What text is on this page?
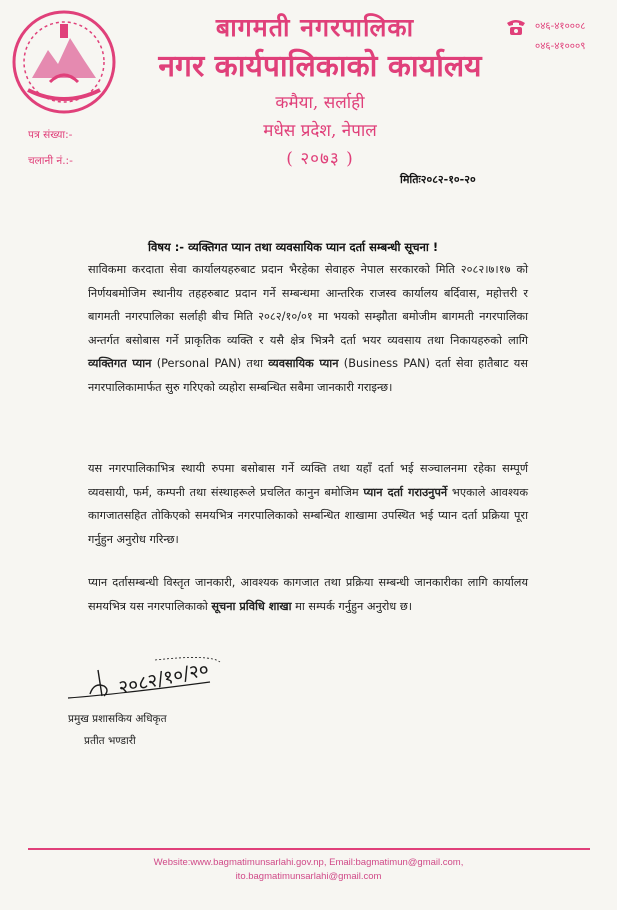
बागमती नगरपालिका
नगर कार्यपालिकाको कार्यालय
कमैया, सर्लाही
मधेस प्रदेश, नेपाल
( २०७३ )
०४६-४१०००८
०४६-४१०००९
पत्र संख्या:-
चलानी नं.:-
मितिः२०८२-१०-२०
विषय :- व्यक्तिगत प्यान तथा व्यवसायिक प्यान दर्ता सम्बन्धी सूचना !
साविकमा करदाता सेवा कार्यालयहरुबाट प्रदान भैरहेका सेवाहरु नेपाल सरकारको मिति २०८२।७।१७ को निर्णयबमोजिम स्थानीय तहहरुबाट प्रदान गर्ने सम्बन्धमा आन्तरिक राजस्व कार्यालय बर्दिवास, महोत्तरी र बागमती नगरपालिका सर्लाही बीच मिति २०८२/१०/०१ मा भयको सम्झौता बमोजीम बागमती नगरपालिका अन्तर्गत बसोबास गर्ने प्राकृतिक व्यक्ति र यसै क्षेत्र भित्रनै दर्ता भयर व्यवसाय तथा निकायहरुको लागि व्यक्तिगत प्यान (Personal PAN) तथा व्यवसायिक प्यान (Business PAN) दर्ता सेवा हातैबाट यस नगरपालिकामार्फत सुरु गरिएको व्यहोरा सम्बन्धित सबैमा जानकारी गराइन्छ।
यस नगरपालिकाभित्र स्थायी रुपमा बसोबास गर्ने व्यक्ति तथा यहाँ दर्ता भई सञ्चालनमा रहेका सम्पूर्ण व्यवसायी, फर्म, कम्पनी तथा संस्थाहरूले प्रचलित कानुन बमोजिम प्यान दर्ता गराउनुपर्ने भएकाले आवश्यक कागजातसहित तोकिएको समयभित्र नगरपालिकाको सम्बन्धित शाखामा उपस्थित भई प्यान दर्ता प्रक्रिया पूरा गर्नुहुन अनुरोध गरिन्छ।
प्यान दर्तासम्बन्धी विस्तृत जानकारी, आवश्यक कागजात तथा प्रक्रिया सम्बन्धी जानकारीका लागि कार्यालय समयभित्र यस नगरपालिकाको सूचना प्रविधि शाखा मा सम्पर्क गर्नुहुन अनुरोध छ।
२०८२/१०/२०
प्रमुख प्रशासकिय अधिकृत
प्रतीत भण्डारी
Website:www.bagmatimunsarlahi.gov.np, Email:bagmatimun@gmail.com,
ito.bagmatimunsarlahi@gmail.com
